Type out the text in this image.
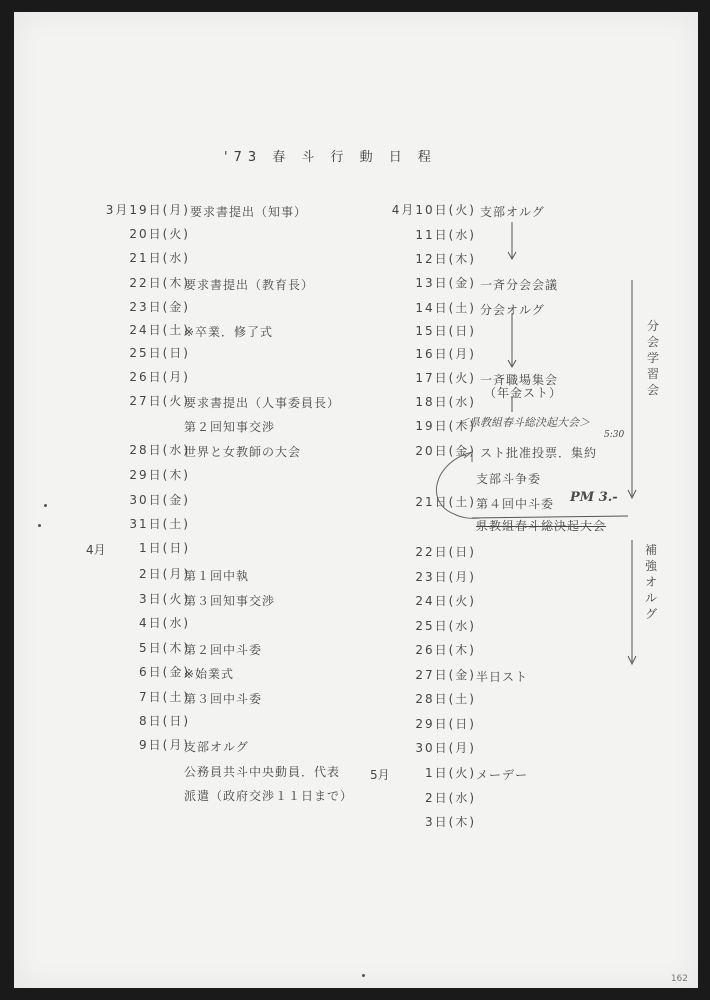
'73 春 斗 行 動 日 程
3月19日(月)
20日(火)
21日(水)
22日(木)
23日(金)
24日(土)
25日(日)
26日(月)
27日(火)
28日(水)
29日(木)
30日(金)
31日(土)
4月	1日(日)
2日(月)
3日(火)
4日(水)
5日(木)
6日(金)
7日(土)
8日(日)
9日(月)
要求書提出（知事）
要求書提出（教育長）
※卒業．修了式
要求書提出（人事委員長）
第２回知事交渉
世界と女教師の大会
第１回中執
第３回知事交渉
第２回中斗委
※始業式
第３回中斗委
支部オルグ
公務員共斗中央動員．代表
派遣（政府交渉１１日まで）
4月10日(火)
11日(水)
12日(木)
13日(金)
14日(土)
15日(日)
16日(月)
17日(火)
18日(水)
19日(木)
20日(金)
21日(土)
22日(日)
23日(月)
24日(火)
25日(水)
26日(木)
27日(金)
28日(土)
29日(日)
30日(月)
5月	1日(火)
2日(水)
3日(木)
支部オルグ
一斉分会会議
分会オルグ
一斉職場集会
（年金スト）
スト批准投票．集約
支部斗争委
第４回中斗委
県教組春斗総決起大会
半日スト
メーデー
＜県教組春斗総決起大会＞
5:30
PM 3.-
分会学習会
補強オルグ
162
